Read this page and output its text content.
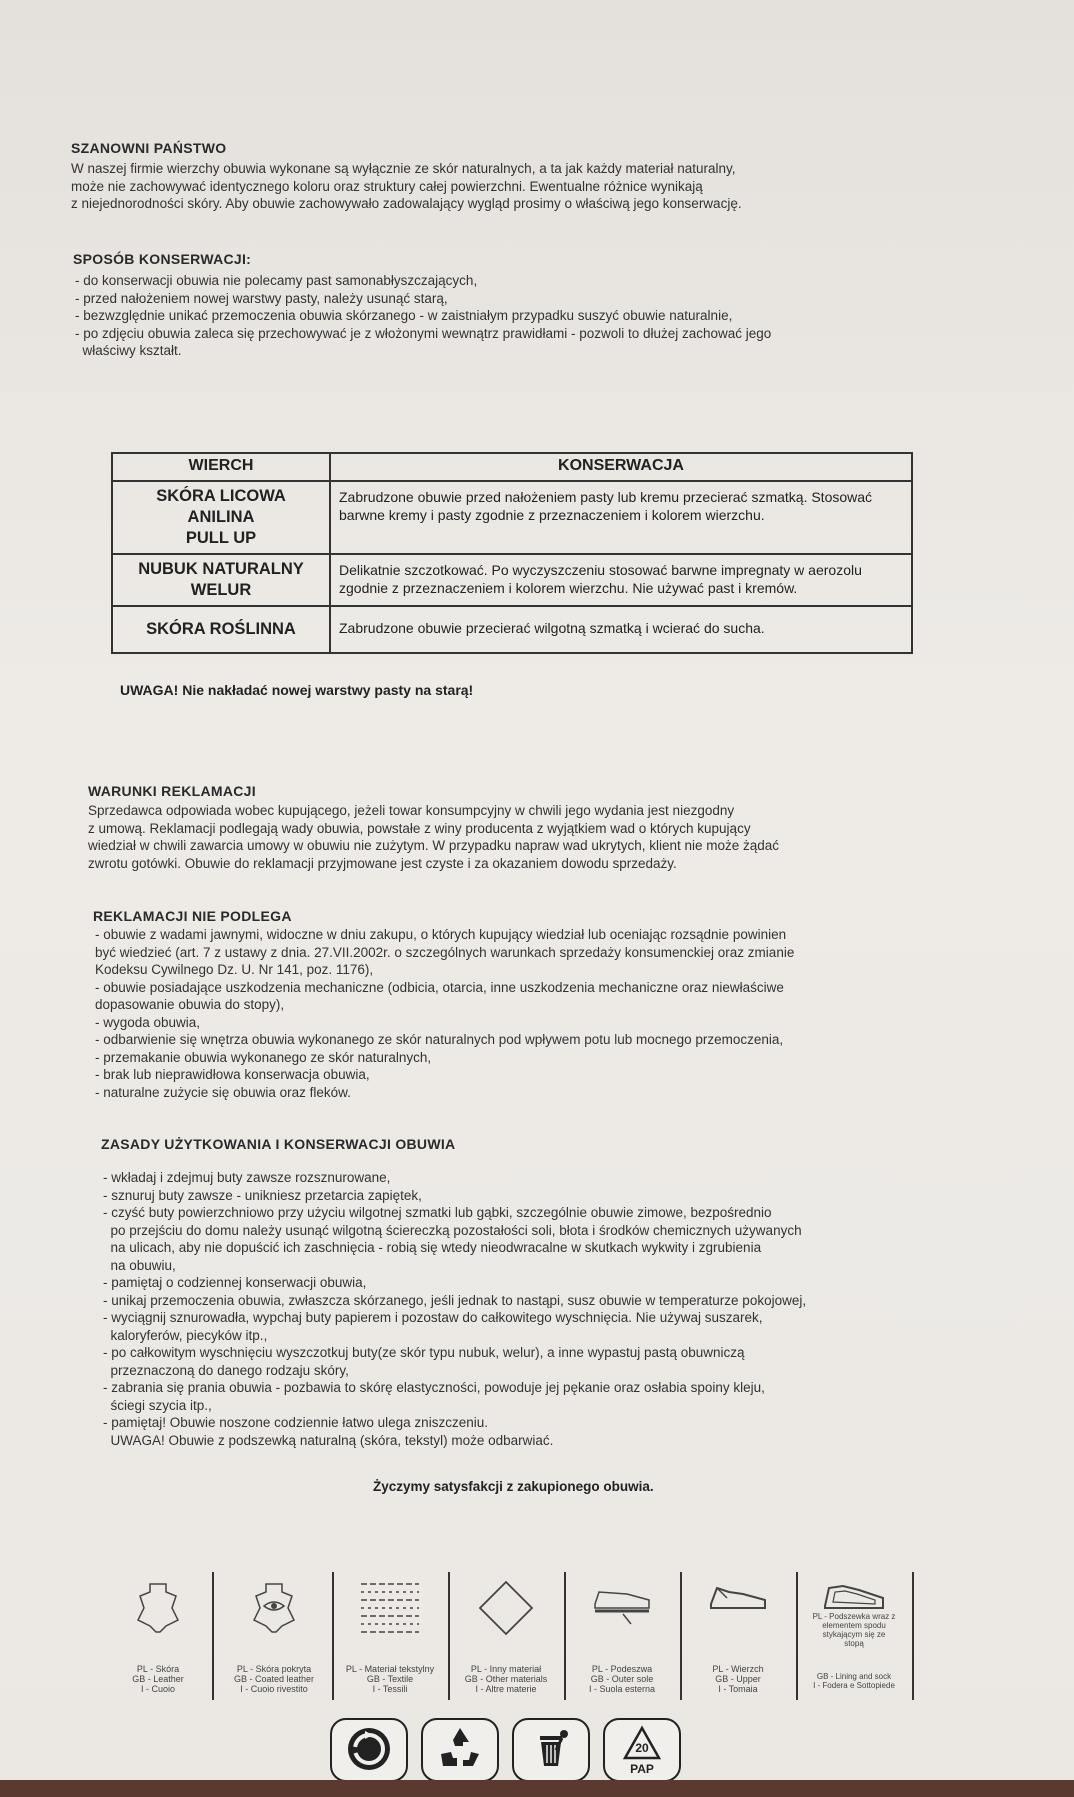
SZANOWNI PAŃSTWO

W naszej firmie wierzchy obuwia wykonane są wyłącznie ze skór naturalnych, a ta jak każdy materiał naturalny,

może nie zachowywać identycznego koloru oraz struktury całej powierzchni. Ewentualne różnice wynikają

z niejednorodności skóry. Aby obuwie zachowywało zadowalający wygląd prosimy o właściwą jego konserwację.

SPOSÓB KONSERWACJI:

- do konserwacji obuwia nie polecamy past samonabłyszczających,

- przed nałożeniem nowej warstwy pasty, należy usunąć starą,

- bezwzględnie unikać przemoczenia obuwia skórzanego - w zaistniałym przypadku suszyć obuwie naturalnie,

- po zdjęciu obuwia zaleca się przechowywać je z włożonymi wewnątrz prawidłami - pozwoli to dłużej zachować jego

właściwy kształt.

WIERCH	KONSERWACJA

SKÓRA LICOWA
ANILINA
PULL UP	Zabrudzone obuwie przed nałożeniem pasty lub kremu przecierać szmatką. Stosować barwne kremy i pasty zgodnie z przeznaczeniem i kolorem wierzchu.

NUBUK NATURALNY
WELUR	Delikatnie szczotkować. Po wyczyszczeniu stosować barwne impregnaty w aerozolu zgodnie z przeznaczeniem i kolorem wierzchu. Nie używać past i kremów.

SKÓRA ROŚLINNA	Zabrudzone obuwie przecierać wilgotną szmatką i wcierać do sucha.
UWAGA! Nie nakładać nowej warstwy pasty na starą!
WARUNKI REKLAMACJI

Sprzedawca odpowiada wobec kupującego, jeżeli towar konsumpcyjny w chwili jego wydania jest niezgodny

z umową. Reklamacji podlegają wady obuwia, powstałe z winy producenta z wyjątkiem wad o których kupujący

wiedział w chwili zawarcia umowy w obuwiu nie zużytym. W przypadku napraw wad ukrytych, klient nie może żądać

zwrotu gotówki. Obuwie do reklamacji przyjmowane jest czyste i za okazaniem dowodu sprzedaży.

REKLAMACJI NIE PODLEGA

- obuwie z wadami jawnymi, widoczne w dniu zakupu, o których kupujący wiedział lub oceniając rozsądnie powinien

być wiedzieć (art. 7 z ustawy z dnia. 27.VII.2002r. o szczególnych warunkach sprzedaży konsumenckiej oraz zmianie

Kodeksu Cywilnego Dz. U. Nr 141, poz. 1176),

- obuwie posiadające uszkodzenia mechaniczne (odbicia, otarcia, inne uszkodzenia mechaniczne oraz niewłaściwe

dopasowanie obuwia do stopy),

- wygoda obuwia,

- odbarwienie się wnętrza obuwia wykonanego ze skór naturalnych pod wpływem potu lub mocnego przemoczenia,

- przemakanie obuwia wykonanego ze skór naturalnych,

- brak lub nieprawidłowa konserwacja obuwia,

- naturalne zużycie się obuwia oraz fleków.

ZASADY UŻYTKOWANIA I KONSERWACJI OBUWIA

- wkładaj i zdejmuj buty zawsze rozsznurowane,

- sznuruj buty zawsze - unikniesz przetarcia zapiętek,

- czyść buty powierzchniowo przy użyciu wilgotnej szmatki lub gąbki, szczególnie obuwie zimowe, bezpośrednio

po przejściu do domu należy usunąć wilgotną ściereczką pozostałości soli, błota i środków chemicznych używanych

na ulicach, aby nie dopuścić ich zaschnięcia - robią się wtedy nieodwracalne w skutkach wykwity i zgrubienia

na obuwiu,

- pamiętaj o codziennej konserwacji obuwia,

- unikaj przemoczenia obuwia, zwłaszcza skórzanego, jeśli jednak to nastąpi, susz obuwie w temperaturze pokojowej,

- wyciągnij sznurowadła, wypchaj buty papierem i pozostaw do całkowitego wyschnięcia. Nie używaj suszarek,

kaloryferów, piecyków itp.,

- po całkowitym wyschnięciu wyszczotkuj buty(ze skór typu nubuk, welur), a inne wypastuj pastą obuwniczą

przeznaczoną do danego rodzaju skóry,

- zabrania się prania obuwia - pozbawia to skórę elastyczności, powoduje jej pękanie oraz osłabia spoiny kleju,

ściegi szycia itp.,

- pamiętaj! Obuwie noszone codziennie łatwo ulega zniszczeniu.

UWAGA! Obuwie z podszewką naturalną (skóra, tekstyl) może odbarwiać.

Życzymy satysfakcji z zakupionego obuwia.
PL - Skóra
GB - Leather
I - Cuoio
PL - Skóra pokryta
GB - Coated leather
I - Cuoio rivestito
PL - Materiał tekstylny
GB - Textile
I - Tessili
PL - Inny materiał
GB - Other materials
I - Altre materie
PL - Podeszwa
GB - Outer sole
I - Suola esterna
PL - Wierzch
GB - Upper
I - Tomaia
PL - Podszewka wraz z
elementem spodu
stykającym się ze
stopą
GB - Lining and sock
I - Fodera e Sottopiede
20
PAP
